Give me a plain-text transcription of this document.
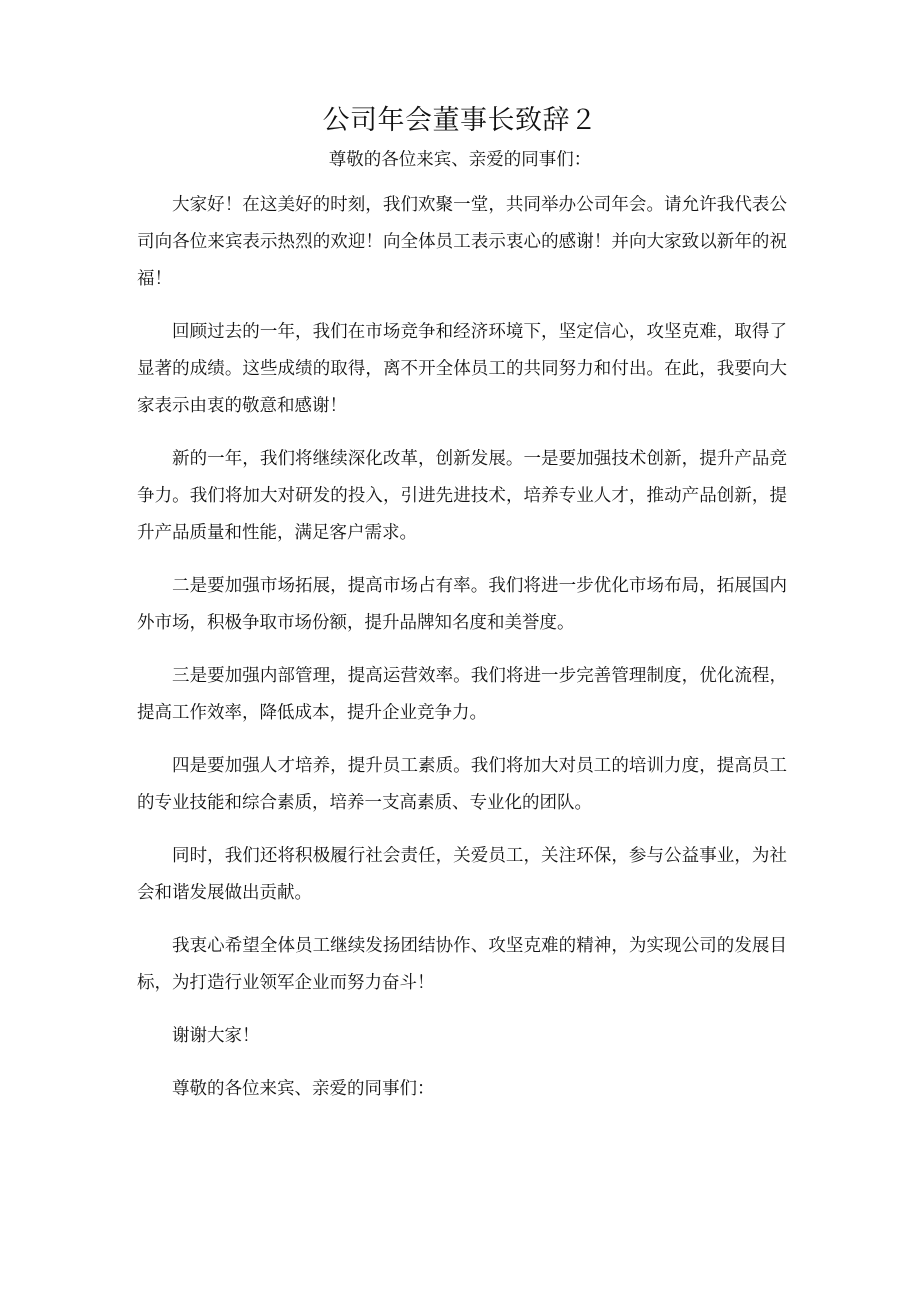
公司年会董事长致辞２
尊敬的各位来宾、亲爱的同事们：

大家好！在这美好的时刻，我们欢聚一堂，共同举办公司年会。请允许我代表公司向各位来宾表示热烈的欢迎！向全体员工表示衷心的感谢！并向大家致以新年的祝福！

回顾过去的一年，我们在市场竞争和经济环境下，坚定信心，攻坚克难，取得了显著的成绩。这些成绩的取得，离不开全体员工的共同努力和付出。在此，我要向大家表示由衷的敬意和感谢！

新的一年，我们将继续深化改革，创新发展。一是要加强技术创新，提升产品竞争力。我们将加大对研发的投入，引进先进技术，培养专业人才，推动产品创新，提升产品质量和性能，满足客户需求。

二是要加强市场拓展，提高市场占有率。我们将进一步优化市场布局，拓展国内外市场，积极争取市场份额，提升品牌知名度和美誉度。

三是要加强内部管理，提高运营效率。我们将进一步完善管理制度，优化流程，提高工作效率，降低成本，提升企业竞争力。

四是要加强人才培养，提升员工素质。我们将加大对员工的培训力度，提高员工的专业技能和综合素质，培养一支高素质、专业化的团队。

同时，我们还将积极履行社会责任，关爱员工，关注环保，参与公益事业，为社会和谐发展做出贡献。

我衷心希望全体员工继续发扬团结协作、攻坚克难的精神，为实现公司的发展目标，为打造行业领军企业而努力奋斗！

谢谢大家！

尊敬的各位来宾、亲爱的同事们：
